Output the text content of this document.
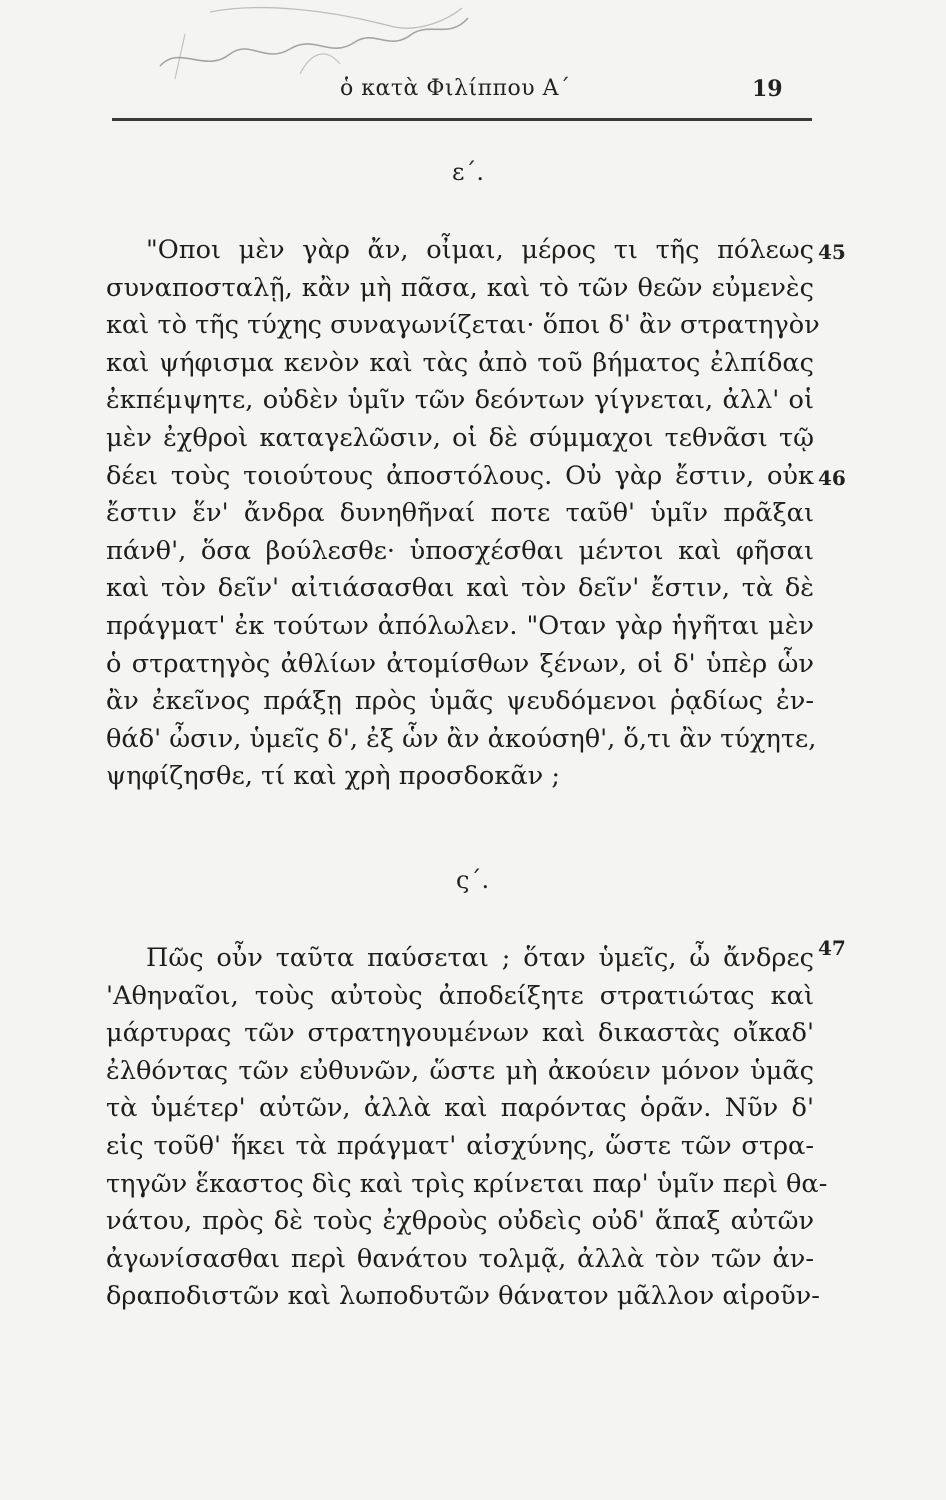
ὁ κατὰ Φιλίππου Α΄	19
ε΄.
"Οποι μὲν γὰρ ἄν, οἶμαι, μέρος τι τῆς πόλεως
συναποσταλῇ, κἂν μὴ πᾶσα, καὶ τὸ τῶν θεῶν εὐμενὲς
καὶ τὸ τῆς τύχης συναγωνίζεται· ὅποι δ' ἂν στρατηγὸν
καὶ ψήφισμα κενὸν καὶ τὰς ἀπὸ τοῦ βήματος ἐλπίδας
ἐκπέμψητε, οὐδὲν ὑμῖν τῶν δεόντων γίγνεται, ἀλλ' οἱ
μὲν ἐχθροὶ καταγελῶσιν, οἱ δὲ σύμμαχοι τεθνᾶσι τῷ
δέει τοὺς τοιούτους ἀποστόλους. Οὐ γὰρ ἔστιν, οὐκ
ἔστιν ἕν' ἄνδρα δυνηθῆναί ποτε ταῦθ' ὑμῖν πρᾶξαι
πάνθ', ὅσα βούλεσθε· ὑποσχέσθαι μέντοι καὶ φῆσαι
καὶ τὸν δεῖν' αἰτιάσασθαι καὶ τὸν δεῖν' ἔστιν, τὰ δὲ
πράγματ' ἐκ τούτων ἀπόλωλεν. "Οταν γὰρ ἡγῆται μὲν
ὁ στρατηγὸς ἀθλίων ἀτομίσθων ξένων, οἱ δ' ὑπὲρ ὧν
ἂν ἐκεῖνος πράξῃ πρὸς ὑμᾶς ψευδόμενοι ῥᾳδίως ἐν-
θάδ' ὦσιν, ὑμεῖς δ', ἐξ ὧν ἂν ἀκούσηθ', ὅ,τι ἂν τύχητε,
ψηφίζησθε, τί καὶ χρὴ προσδοκᾶν ;
45
46
ς΄.
Πῶς οὖν ταῦτα παύσεται ; ὅταν ὑμεῖς, ὦ ἄνδρες
'Αθηναῖοι, τοὺς αὐτοὺς ἀποδείξητε στρατιώτας καὶ
μάρτυρας τῶν στρατηγουμένων καὶ δικαστὰς οἴκαδ'
ἐλθόντας τῶν εὐθυνῶν, ὥστε μὴ ἀκούειν μόνον ὑμᾶς
τὰ ὑμέτερ' αὐτῶν, ἀλλὰ καὶ παρόντας ὁρᾶν. Νῦν δ'
εἰς τοῦθ' ἥκει τὰ πράγματ' αἰσχύνης, ὥστε τῶν στρα-
τηγῶν ἕκαστος δὶς καὶ τρὶς κρίνεται παρ' ὑμῖν περὶ θα-
νάτου, πρὸς δὲ τοὺς ἐχθροὺς οὐδεὶς οὐδ' ἅπαξ αὐτῶν
ἀγωνίσασθαι περὶ θανάτου τολμᾷ, ἀλλὰ τὸν τῶν ἀν-
δραποδιστῶν καὶ λωποδυτῶν θάνατον μᾶλλον αἱροῦν-
47
